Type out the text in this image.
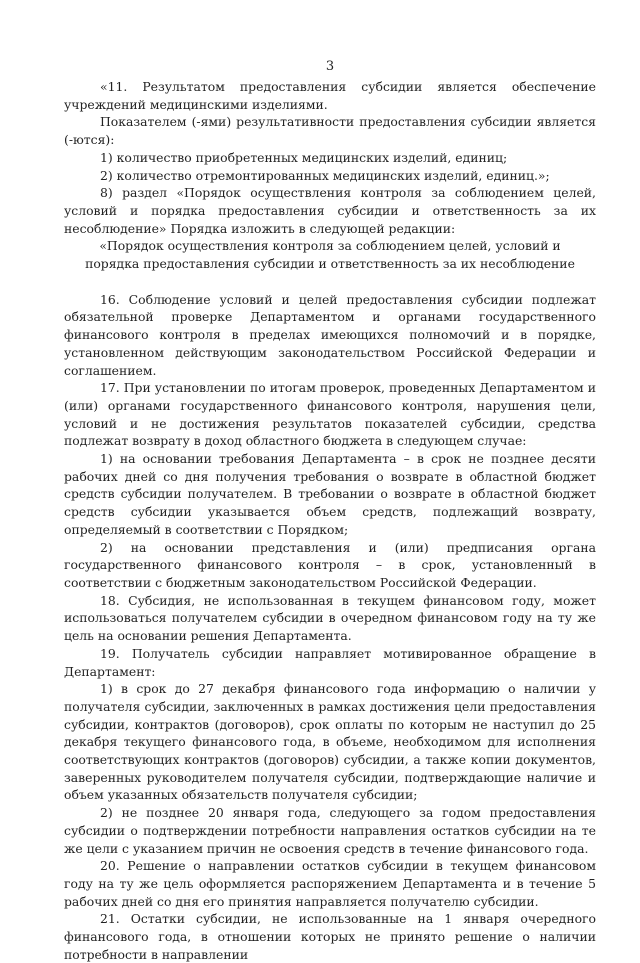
3

«11. Результатом предоставления субсидии является обеспечение учреждений медицинскими изделиями.

Показателем (-ями) результативности предоставления субсидии является (-ются):

1) количество приобретенных медицинских изделий, единиц;

2) количество отремонтированных медицинских изделий, единиц.»;

8) раздел «Порядок осуществления контроля за соблюдением целей, условий и порядка предоставления субсидии и ответственность за их несоблюдение» Порядка изложить в следующей редакции:

«Порядок осуществления контроля за соблюдением целей, условий и порядка предоставления субсидии и ответственность за их несоблюдение

16. Соблюдение условий и целей предоставления субсидии подлежат обязательной проверке Департаментом и органами государственного финансового контроля в пределах имеющихся полномочий и в порядке, установленном действующим законодательством Российской Федерации и соглашением.

17. При установлении по итогам проверок, проведенных Департаментом и (или) органами государственного финансового контроля, нарушения цели, условий и не достижения результатов показателей субсидии, средства подлежат возврату в доход областного бюджета в следующем случае:

1) на основании требования Департамента – в срок не позднее десяти рабочих дней со дня получения требования о возврате в областной бюджет средств субсидии получателем. В требовании о возврате в областной бюджет средств субсидии указывается объем средств, подлежащий возврату, определяемый в соответствии с Порядком;

2) на основании представления и (или) предписания органа государственного финансового контроля – в срок, установленный в соответствии с бюджетным законодательством Российской Федерации.

18. Субсидия, не использованная в текущем финансовом году, может использоваться получателем субсидии в очередном финансовом году на ту же цель на основании решения Департамента.

19. Получатель субсидии направляет мотивированное обращение в Департамент:

1) в срок до 27 декабря финансового года информацию о наличии у получателя субсидии, заключенных в рамках достижения цели предоставления субсидии, контрактов (договоров), срок оплаты по которым не наступил до 25 декабря текущего финансового года, в объеме, необходимом для исполнения соответствующих контрактов (договоров) субсидии, а также копии документов, заверенных руководителем получателя субсидии, подтверждающие наличие и объем указанных обязательств получателя субсидии;

2) не позднее 20 января года, следующего за годом предоставления субсидии о подтверждении потребности направления остатков субсидии на те же цели с указанием причин не освоения средств в течение финансового года.

20. Решение о направлении остатков субсидии в текущем финансовом году на ту же цель оформляется распоряжением Департамента и в течение 5 рабочих дней со дня его принятия направляется получателю субсидии.

21. Остатки субсидии, не использованные на 1 января очередного финансового года, в отношении которых не принято решение о наличии потребности в направлении
